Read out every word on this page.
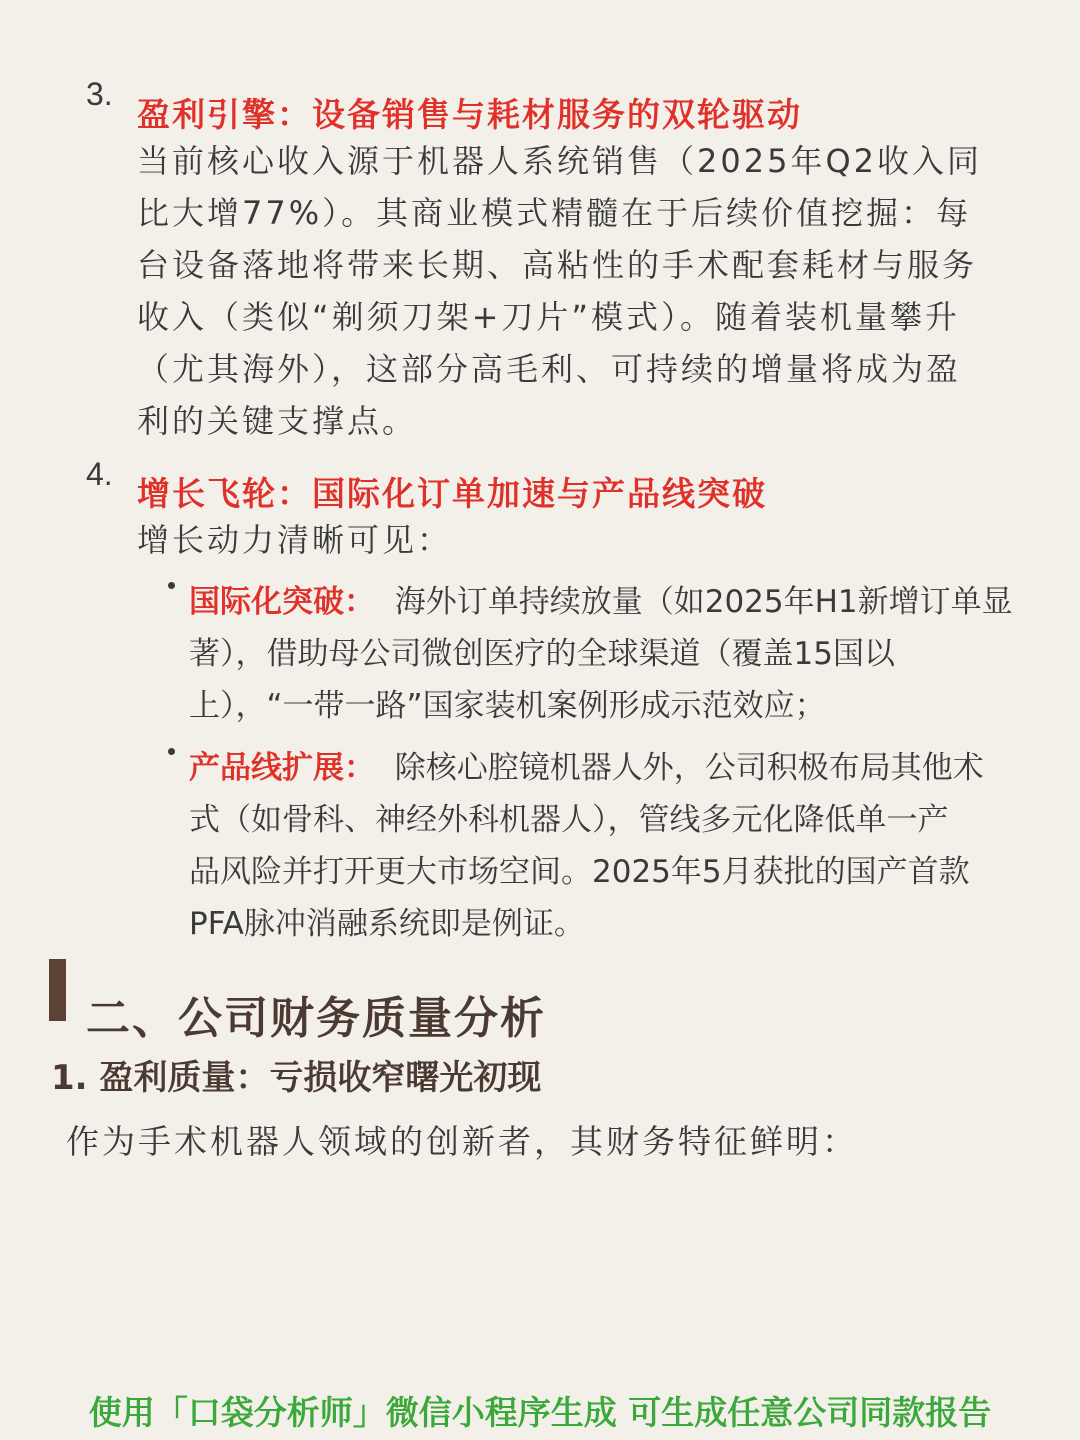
3.
盈利引擎：设备销售与耗材服务的双轮驱动
当前核心收入源于机器人系统销售（2025年Q2收入同
比大增77%）。其商业模式精髓在于后续价值挖掘：每
台设备落地将带来长期、高粘性的手术配套耗材与服务
收入（类似“剃须刀架+刀片”模式）。随着装机量攀升
（尤其海外），这部分高毛利、可持续的增量将成为盈
利的关键支撑点。
4. 增长飞轮：国际化订单加速与产品线突破
增长动力清晰可见：
国际化突破： 海外订单持续放量（如2025年H1新增订单显
著），借助母公司微创医疗的全球渠道（覆盖15国以
上），“一带一路”国家装机案例形成示范效应；
产品线扩展： 除核心腔镜机器人外，公司积极布局其他术
式（如骨科、神经外科机器人），管线多元化降低单一产
品风险并打开更大市场空间。2025年5月获批的国产首款
PFA脉冲消融系统即是例证。
二、公司财务质量分析
1. 盈利质量：亏损收窄曙光初现
作为手术机器人领域的创新者，其财务特征鲜明：
使用「口袋分析师」微信小程序生成 可生成任意公司同款报告
